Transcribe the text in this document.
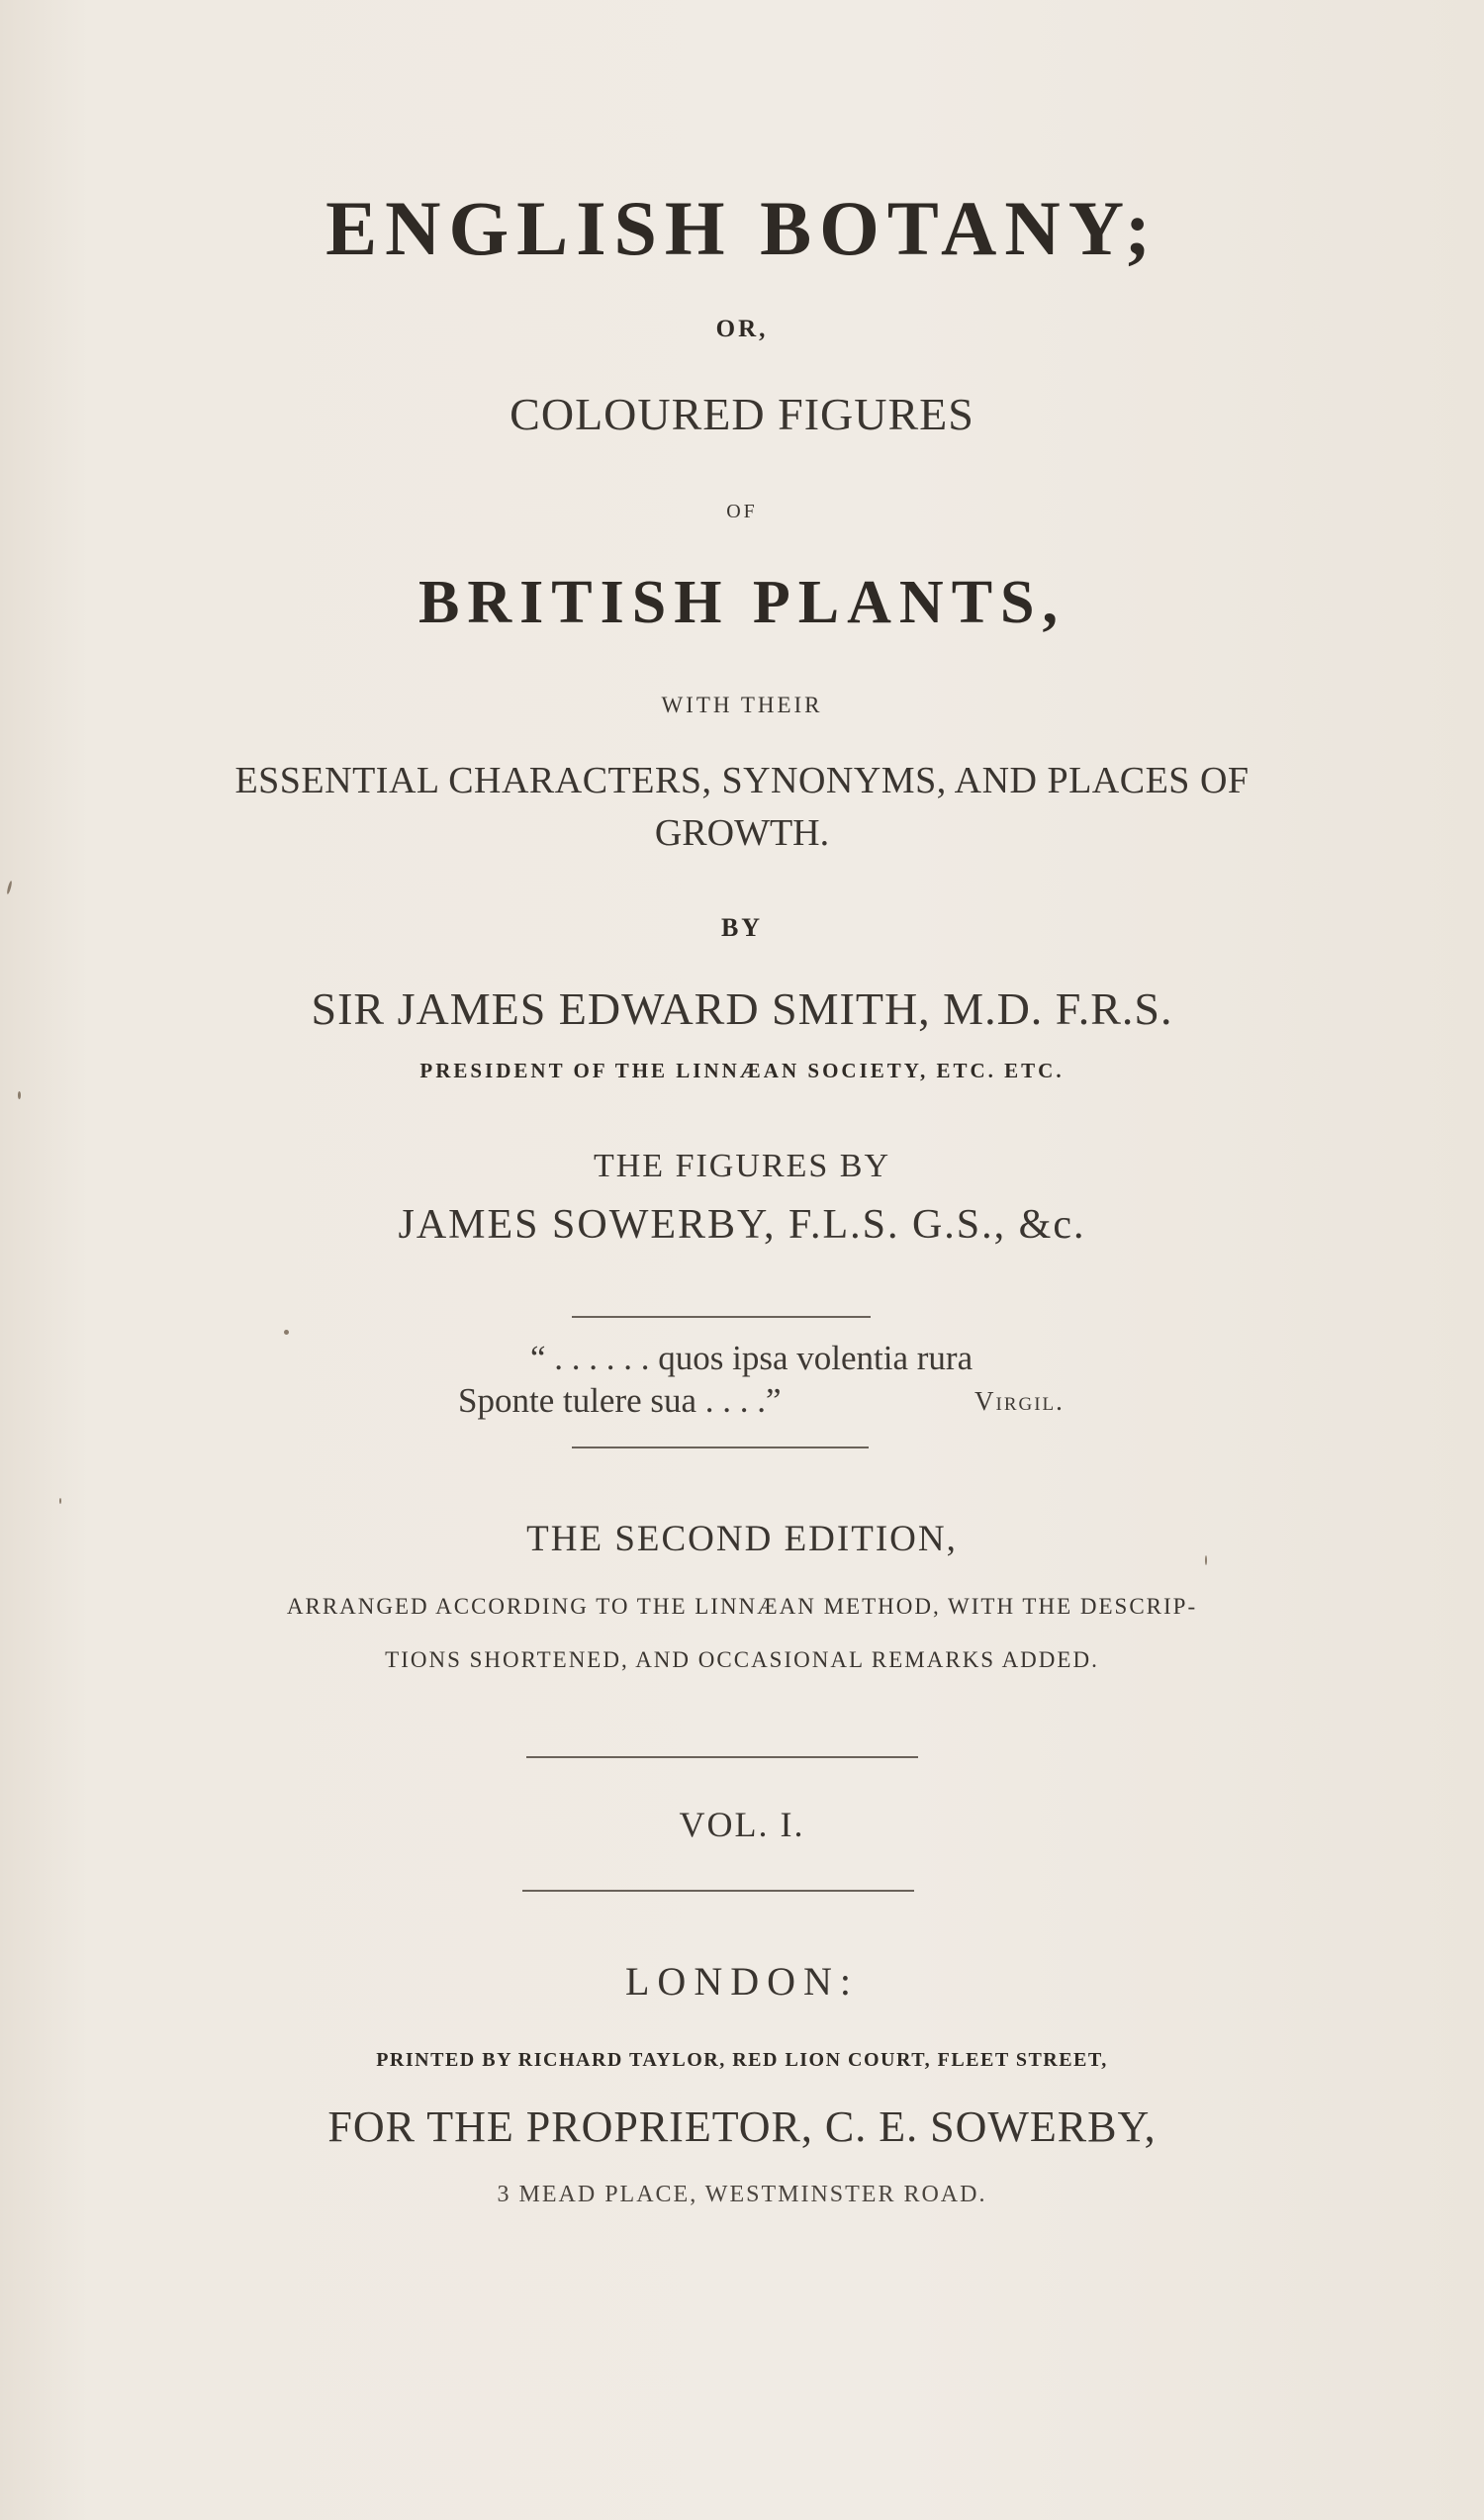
ENGLISH BOTANY;
OR,
COLOURED FIGURES
OF
BRITISH PLANTS,
WITH THEIR
ESSENTIAL CHARACTERS, SYNONYMS, AND PLACES OF
GROWTH.
BY
SIR JAMES EDWARD SMITH, M.D. F.R.S.
PRESIDENT OF THE LINNÆAN SOCIETY, ETC. ETC.
THE FIGURES BY
JAMES SOWERBY, F.L.S. G.S., &c.
“ . . . . . . quos ipsa volentia rura
Sponte tulere sua . . . .”	Virgil.
THE SECOND EDITION,
ARRANGED ACCORDING TO THE LINNÆAN METHOD, WITH THE DESCRIP-
TIONS SHORTENED, AND OCCASIONAL REMARKS ADDED.
VOL. I.
LONDON:
PRINTED BY RICHARD TAYLOR, RED LION COURT, FLEET STREET,
FOR THE PROPRIETOR, C. E. SOWERBY,
3 MEAD PLACE, WESTMINSTER ROAD.
